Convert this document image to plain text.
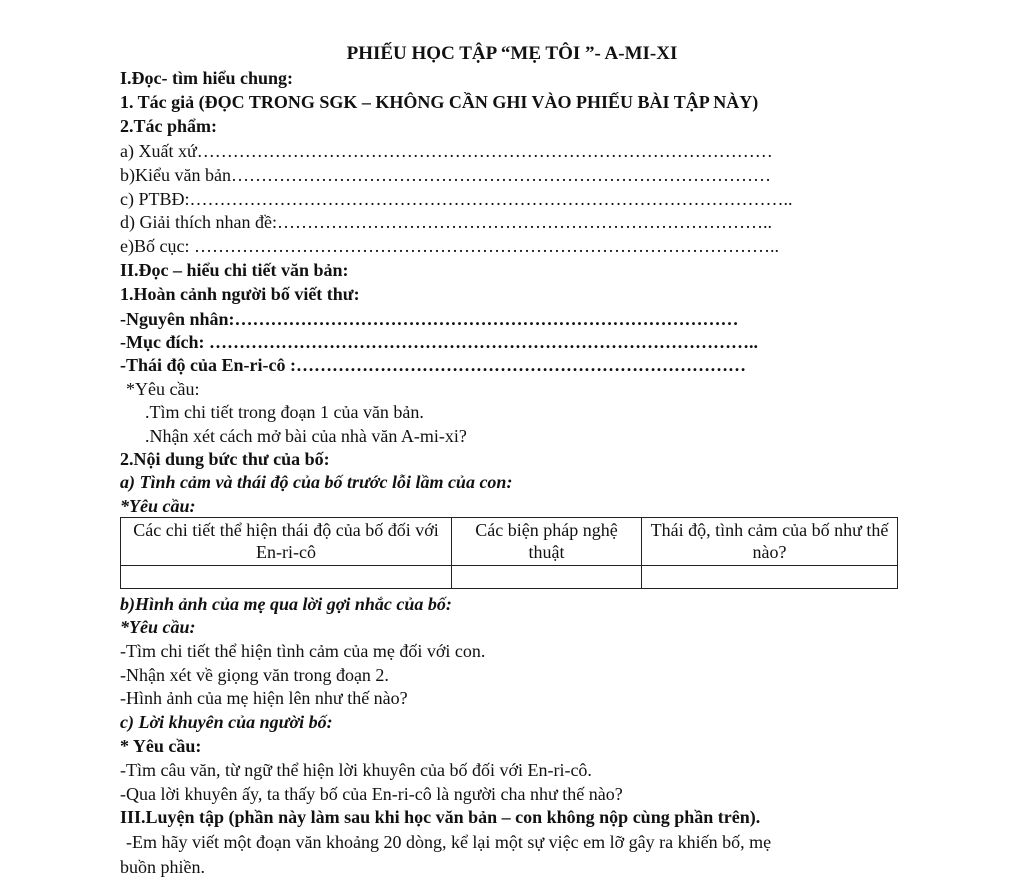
PHIẾU HỌC TẬP “MẸ TÔI ”- A-MI-XI
I.Đọc- tìm hiểu chung:
1. Tác giả (ĐỌC TRONG SGK – KHÔNG CẦN GHI VÀO PHIẾU BÀI TẬP NÀY)
2.Tác phẩm:
a) Xuất xứ……………………………………………………………………………………
b)Kiểu văn bản………………………………………………………………………………
c) PTBĐ:………………………………………………………………………………………..
d) Giải thích nhan đề:………………………………………………………………………..
e)Bố cục: ……………………………………………………………………………………..
II.Đọc – hiểu chi tiết văn bản:
1.Hoàn cảnh người bố viết thư:
-Nguyên nhân:…………………………………………………………………………
-Mục đích: ………………………………………………………………………………..
-Thái độ của En-ri-cô :…………………………………………………………………
*Yêu cầu:
.Tìm chi tiết trong đoạn 1 của văn bản.
.Nhận xét cách mở bài của nhà văn A-mi-xi?
2.Nội dung bức thư của bố:
a) Tình cảm và thái độ của bố trước lỗi lầm của con:
*Yêu cầu:
Các chi tiết thể hiện thái độ của bố đối với En-ri-cô	Các biện pháp nghệ thuật	Thái độ, tình cảm của bố như thế nào?

b)Hình ảnh của mẹ qua lời gợi nhắc của bố:
*Yêu cầu:
-Tìm chi tiết thể hiện tình cảm của mẹ đối với con.
-Nhận xét về giọng văn trong đoạn 2.
-Hình ảnh của mẹ hiện lên như thế nào?
c) Lời khuyên của người bố:
* Yêu cầu:
-Tìm câu văn, từ ngữ thể hiện lời khuyên của bố đối với En-ri-cô.
-Qua lời khuyên ấy, ta thấy bố của En-ri-cô là người cha như thế nào?
III.Luyện tập (phần này làm sau khi học văn bản – con không nộp cùng phần trên).
-Em hãy viết một đoạn văn khoảng 20 dòng, kể lại một sự việc em lỡ gây ra khiến bố, mẹ
buồn phiền.
